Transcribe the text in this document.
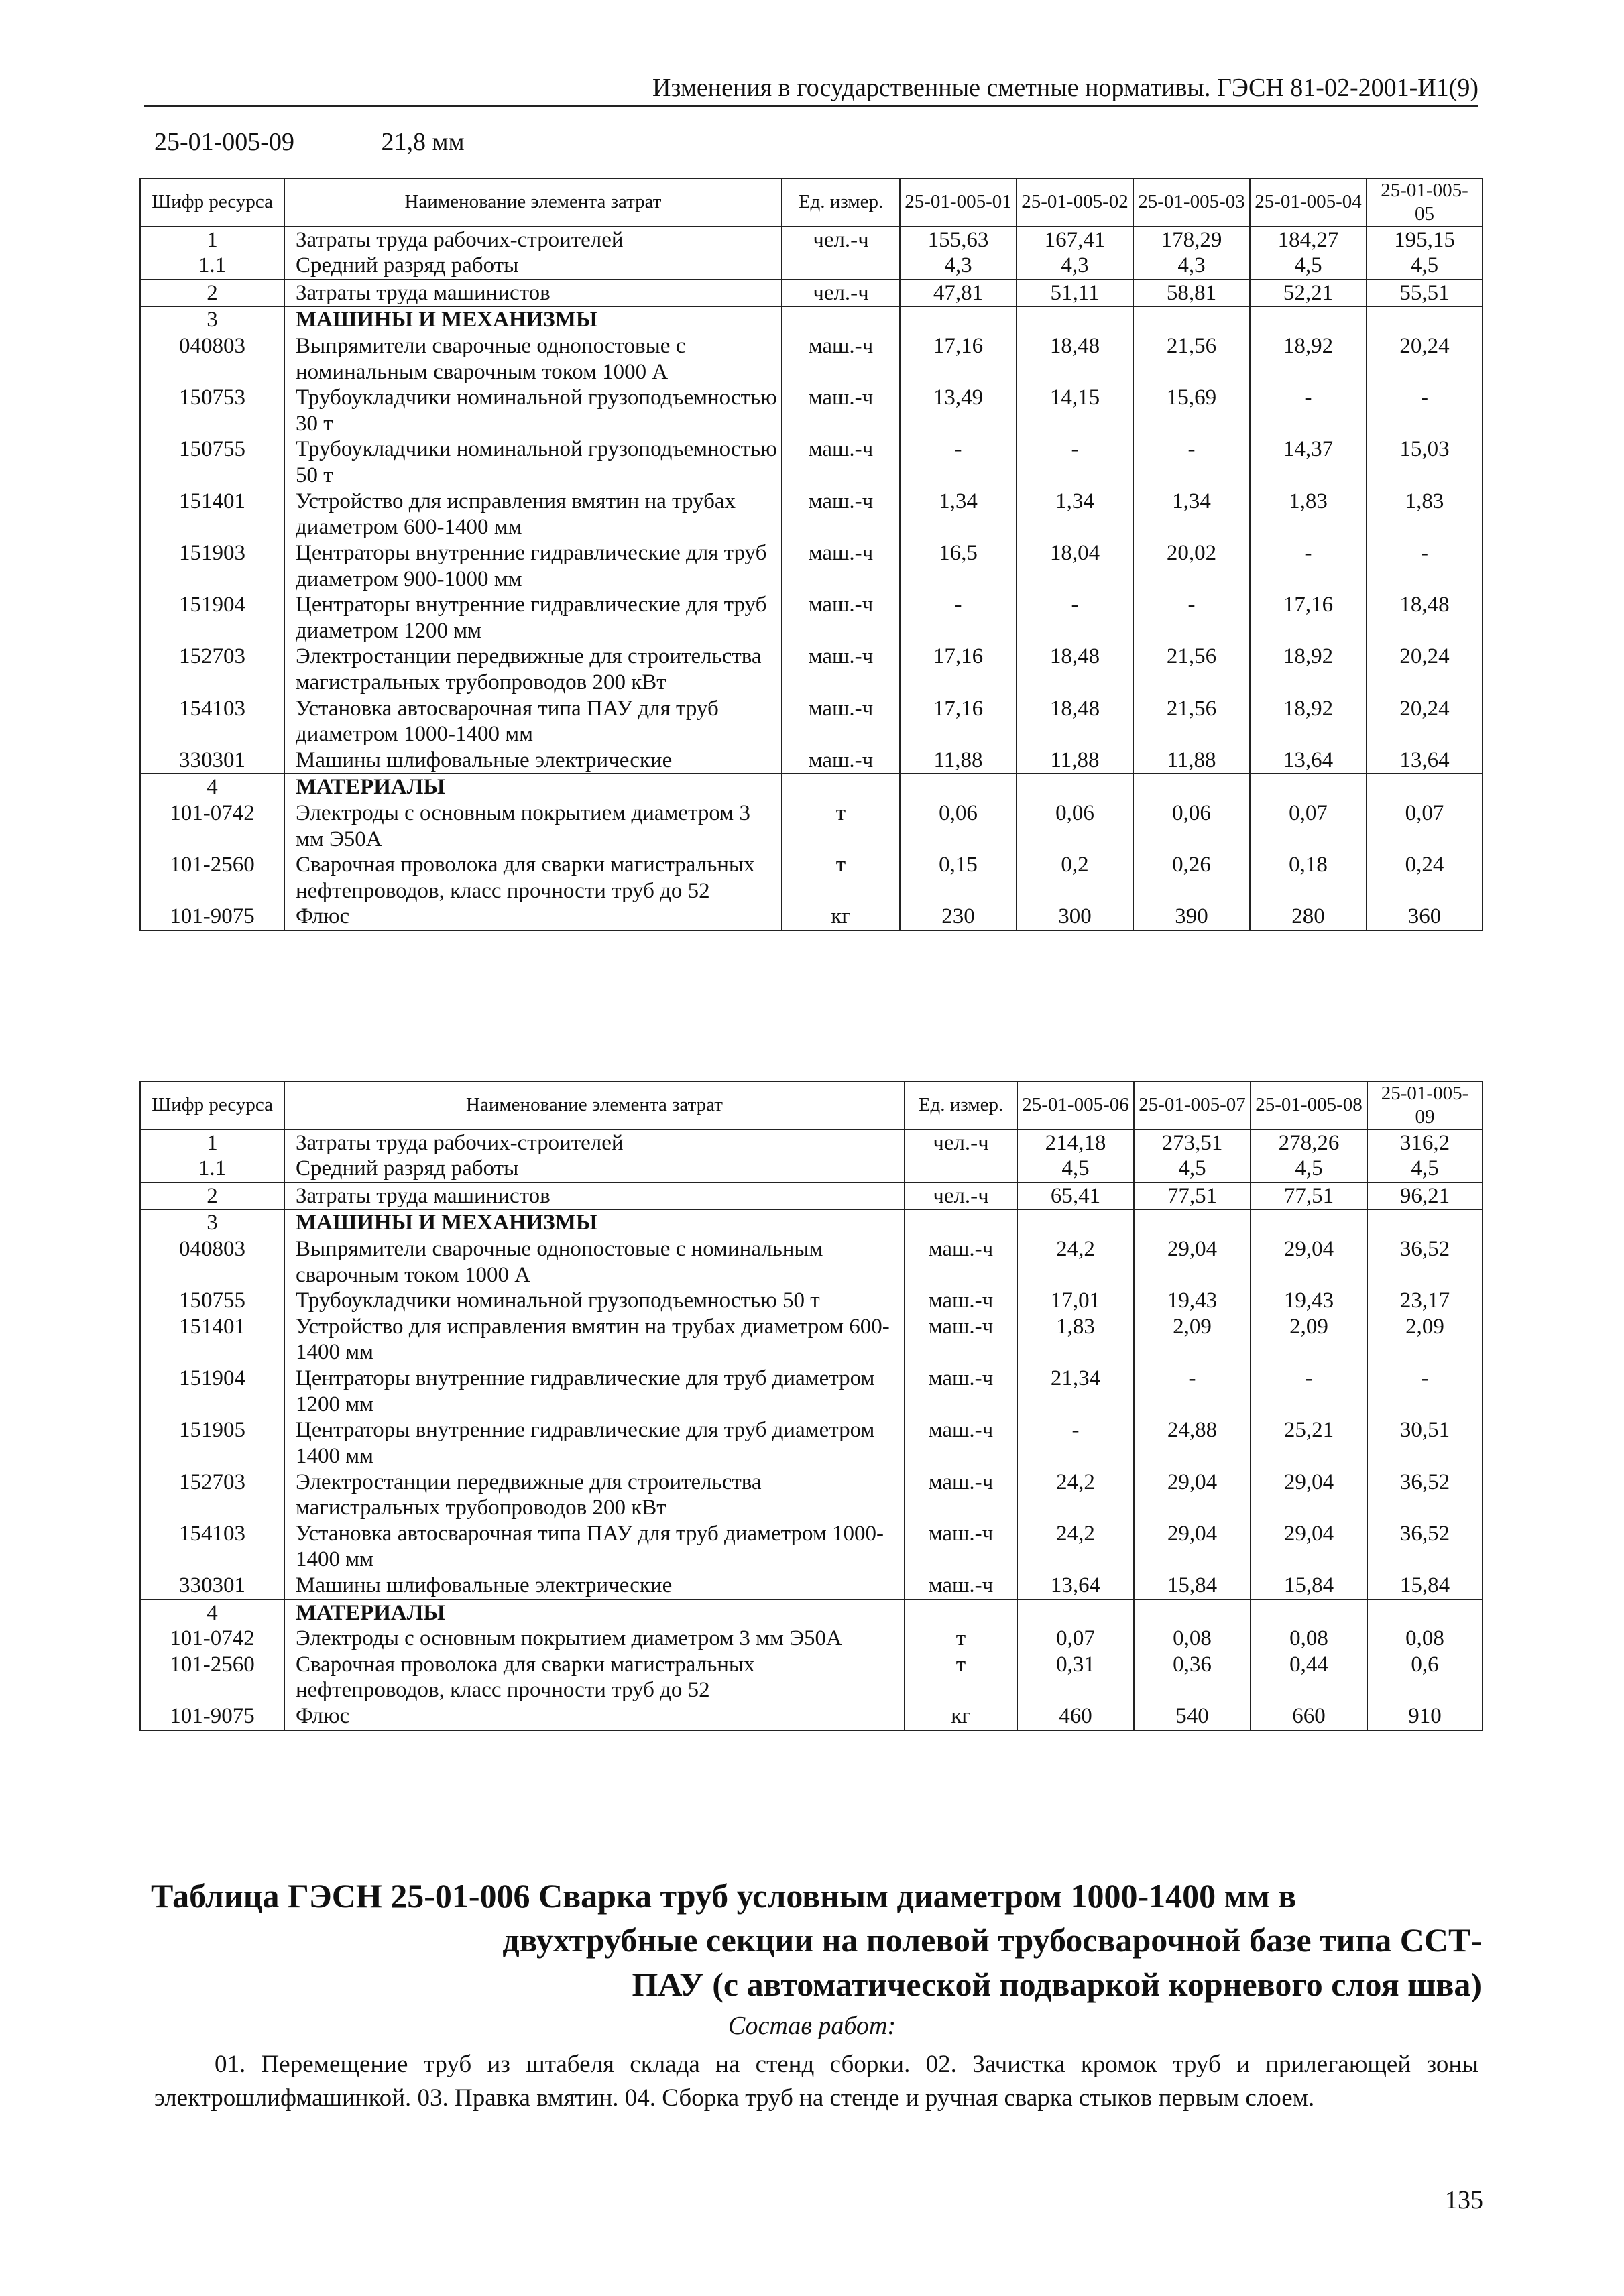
Изменения в государственные сметные нормативы. ГЭСН 81-02-2001-И1(9)
25-01-005-09	21,8 мм
Шифр ресурса	Наименование элемента затрат	Ед. измер.	25-01-005-01	25-01-005-02	25-01-005-03	25-01-005-04	25-01-005-05
1	Затраты труда рабочих-строителей	чел.-ч	155,63	167,41	178,29	184,27	195,15
1.1	Средний разряд работы		4,3	4,3	4,3	4,5	4,5
2	Затраты труда машинистов	чел.-ч	47,81	51,11	58,81	52,21	55,51
3	МАШИНЫ И МЕХАНИЗМЫ						
040803	Выпрямители сварочные однопостовые с номинальным сварочным током 1000 А	маш.-ч	17,16	18,48	21,56	18,92	20,24
150753	Трубоукладчики номинальной грузоподъемностью 30 т	маш.-ч	13,49	14,15	15,69	-	-
150755	Трубоукладчики номинальной грузоподъемностью 50 т	маш.-ч	-	-	-	14,37	15,03
151401	Устройство для исправления вмятин на трубах диаметром 600-1400 мм	маш.-ч	1,34	1,34	1,34	1,83	1,83
151903	Центраторы внутренние гидравлические для труб диаметром 900-1000 мм	маш.-ч	16,5	18,04	20,02	-	-
151904	Центраторы внутренние гидравлические для труб диаметром 1200 мм	маш.-ч	-	-	-	17,16	18,48
152703	Электростанции передвижные для строительства магистральных трубопроводов 200 кВт	маш.-ч	17,16	18,48	21,56	18,92	20,24
154103	Установка автосварочная типа ПАУ для труб диаметром 1000-1400 мм	маш.-ч	17,16	18,48	21,56	18,92	20,24
330301	Машины шлифовальные электрические	маш.-ч	11,88	11,88	11,88	13,64	13,64
4	МАТЕРИАЛЫ						
101-0742	Электроды с основным покрытием диаметром 3 мм Э50А	т	0,06	0,06	0,06	0,07	0,07
101-2560	Сварочная проволока для сварки магистральных нефтепроводов, класс прочности труб до 52	т	0,15	0,2	0,26	0,18	0,24
101-9075	Флюс	кг	230	300	390	280	360
Шифр ресурса	Наименование элемента затрат	Ед. измер.	25-01-005-06	25-01-005-07	25-01-005-08	25-01-005-09
1	Затраты труда рабочих-строителей	чел.-ч	214,18	273,51	278,26	316,2
1.1	Средний разряд работы		4,5	4,5	4,5	4,5
2	Затраты труда машинистов	чел.-ч	65,41	77,51	77,51	96,21
3	МАШИНЫ И МЕХАНИЗМЫ					
040803	Выпрямители сварочные однопостовые с номинальным сварочным током 1000 А	маш.-ч	24,2	29,04	29,04	36,52
150755	Трубоукладчики номинальной грузоподъемностью 50 т	маш.-ч	17,01	19,43	19,43	23,17
151401	Устройство для исправления вмятин на трубах диаметром 600-1400 мм	маш.-ч	1,83	2,09	2,09	2,09
151904	Центраторы внутренние гидравлические для труб диаметром 1200 мм	маш.-ч	21,34	-	-	-
151905	Центраторы внутренние гидравлические для труб диаметром 1400 мм	маш.-ч	-	24,88	25,21	30,51
152703	Электростанции передвижные для строительства магистральных трубопроводов 200 кВт	маш.-ч	24,2	29,04	29,04	36,52
154103	Установка автосварочная типа ПАУ для труб диаметром 1000-1400 мм	маш.-ч	24,2	29,04	29,04	36,52
330301	Машины шлифовальные электрические	маш.-ч	13,64	15,84	15,84	15,84
4	МАТЕРИАЛЫ					
101-0742	Электроды с основным покрытием диаметром 3 мм Э50А	т	0,07	0,08	0,08	0,08
101-2560	Сварочная проволока для сварки магистральных нефтепроводов, класс прочности труб до 52	т	0,31	0,36	0,44	0,6
101-9075	Флюс	кг	460	540	660	910
Таблица ГЭСН 25-01-006 Сварка труб условным диаметром 1000-1400 мм в
двухтрубные секции на полевой трубосварочной базе типа ССТ-ПАУ (с автоматической подваркой корневого слоя шва)
Состав работ:
01. Перемещение труб из штабеля склада на стенд сборки. 02. Зачистка кромок труб и прилегающей зоны электрошлифмашинкой. 03. Правка вмятин. 04. Сборка труб на стенде и ручная сварка стыков первым слоем.
135
